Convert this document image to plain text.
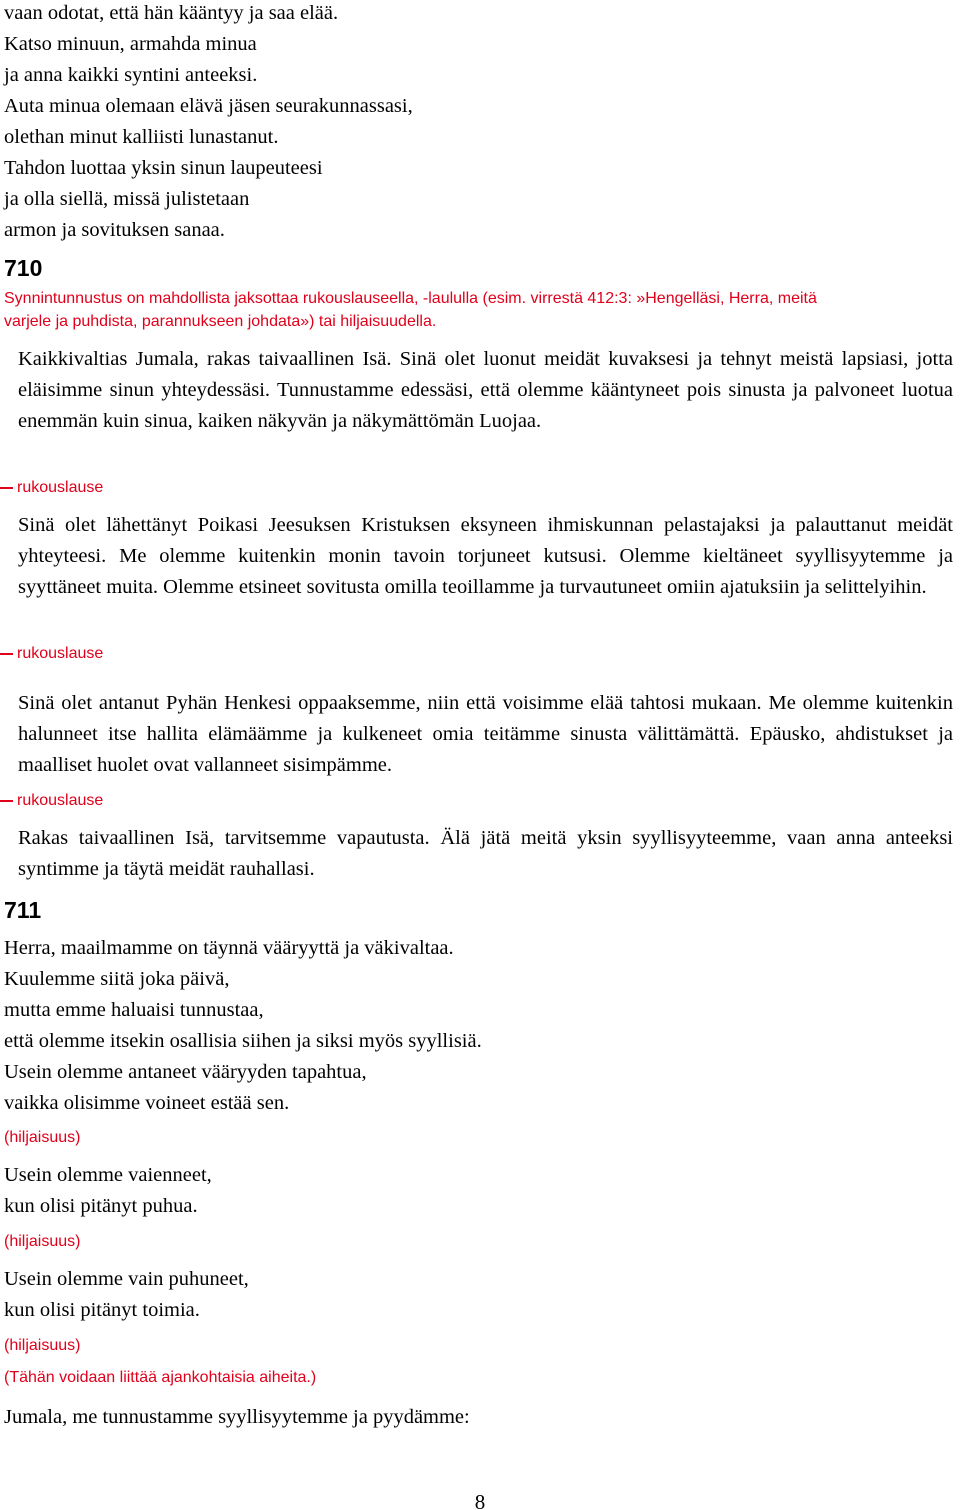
vaan odotat, että hän kääntyy ja saa elää.
Katso minuun, armahda minua
ja anna kaikki syntini anteeksi.
Auta minua olemaan elävä jäsen seurakunnassasi,
olethan minut kalliisti lunastanut.
Tahdon luottaa yksin sinun laupeuteesi
ja olla siellä, missä julistetaan
armon ja sovituksen sanaa.
710
Synnintunnustus on mahdollista jaksottaa rukouslauseella, -laululla (esim. virrestä 412:3: »Hengelläsi, Herra, meitä
varjele ja puhdista, parannukseen johdata») tai hiljaisuudella.
Kaikkivaltias Jumala, rakas taivaallinen Isä. Sinä olet luonut meidät kuvaksesi ja tehnyt meistä lapsiasi, jotta eläisimme sinun yhteydessäsi. Tunnustamme edessäsi, että olemme kääntyneet pois sinusta ja palvoneet luotua enemmän kuin sinua, kaiken näkyvän ja näkymättömän Luojaa.
rukouslause
Sinä olet lähettänyt Poikasi Jeesuksen Kristuksen eksyneen ihmiskunnan pelastajaksi ja palauttanut meidät yhteyteesi. Me olemme kuitenkin monin tavoin torjuneet kutsusi. Olemme kieltäneet syyllisyytemme ja syyttäneet muita. Olemme etsineet sovitusta omilla teoillamme ja turvautuneet omiin ajatuksiin ja selittelyihin.
rukouslause
Sinä olet antanut Pyhän Henkesi oppaaksemme, niin että voisimme elää tahtosi mukaan. Me olemme kuitenkin halunneet itse hallita elämäämme ja kulkeneet omia teitämme sinusta välittämättä. Epäusko, ahdistukset ja maalliset huolet ovat vallanneet sisimpämme.
rukouslause
Rakas taivaallinen Isä, tarvitsemme vapautusta. Älä jätä meitä yksin syyllisyyteemme, vaan anna anteeksi syntimme ja täytä meidät rauhallasi.
711
Herra, maailmamme on täynnä vääryyttä ja väkivaltaa.
Kuulemme siitä joka päivä,
mutta emme haluaisi tunnustaa,
että olemme itsekin osallisia siihen ja siksi myös syyllisiä.
Usein olemme antaneet vääryyden tapahtua,
vaikka olisimme voineet estää sen.
(hiljaisuus)
Usein olemme vaienneet,
kun olisi pitänyt puhua.
(hiljaisuus)
Usein olemme vain puhuneet,
kun olisi pitänyt toimia.
(hiljaisuus)
(Tähän voidaan liittää ajankohtaisia aiheita.)
Jumala, me tunnustamme syyllisyytemme ja pyydämme:
8
